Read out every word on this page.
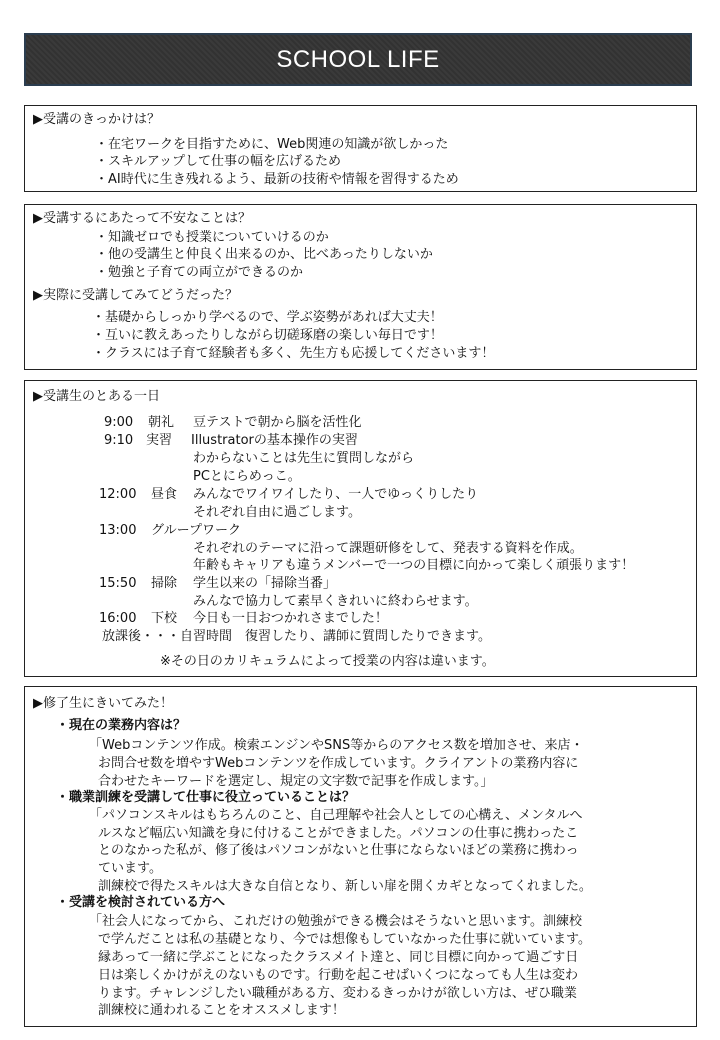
SCHOOL LIFE
▶受講のきっかけは？
・在宅ワークを目指すために、Web関連の知識が欲しかった
・スキルアップして仕事の幅を広げるため
・AI時代に生き残れるよう、最新の技術や情報を習得するため
▶受講するにあたって不安なことは？
・知識ゼロでも授業についていけるのか
・他の受講生と仲良く出来るのか、比べあったりしないか
・勉強と子育ての両立ができるのか
▶実際に受講してみてどうだった？
・基礎からしっかり学べるので、学ぶ姿勢があれば大丈夫！
・互いに教えあったりしながら切磋琢磨の楽しい毎日です！
・クラスには子育て経験者も多く、先生方も応援してくださいます！
▶受講生のとある一日
9:00 朝礼 豆テストで朝から脳を活性化
9:10 実習 Illustratorの基本操作の実習
わからないことは先生に質問しながら
PCとにらめっこ。
12:00 昼食 みんなでワイワイしたり、一人でゆっくりしたり
それぞれ自由に過ごします。
13:00 グループワーク
それぞれのテーマに沿って課題研修をして、発表する資料を作成。
年齢もキャリアも違うメンバーで一つの目標に向かって楽しく頑張ります！
15:50 掃除 学生以来の「掃除当番」
みんなで協力して素早くきれいに終わらせます。
16:00 下校 今日も一日おつかれさまでした！
放課後・・・自習時間　復習したり、講師に質問したりできます。
※その日のカリキュラムによって授業の内容は違います。
▶修了生にきいてみた！
・現在の業務内容は？
「Webコンテンツ作成。検索エンジンやSNS等からのアクセス数を増加させ、来店・
お問合せ数を増やすWebコンテンツを作成しています。クライアントの業務内容に
合わせたキーワードを選定し、規定の文字数で記事を作成します。」
・職業訓練を受講して仕事に役立っていることは？
「パソコンスキルはもちろんのこと、自己理解や社会人としての心構え、メンタルへ
ルスなど幅広い知識を身に付けることができました。パソコンの仕事に携わったこ
とのなかった私が、修了後はパソコンがないと仕事にならないほどの業務に携わっ
ています。
訓練校で得たスキルは大きな自信となり、新しい扉を開くカギとなってくれました。
・受講を検討されている方へ
「社会人になってから、これだけの勉強ができる機会はそうないと思います。訓練校
で学んだことは私の基礎となり、今では想像もしていなかった仕事に就いています。
縁あって一緒に学ぶことになったクラスメイト達と、同じ目標に向かって過ごす日
日は楽しくかけがえのないものです。行動を起こせばいくつになっても人生は変わ
ります。チャレンジしたい職種がある方、変わるきっかけが欲しい方は、ぜひ職業
訓練校に通われることをオススメします！
